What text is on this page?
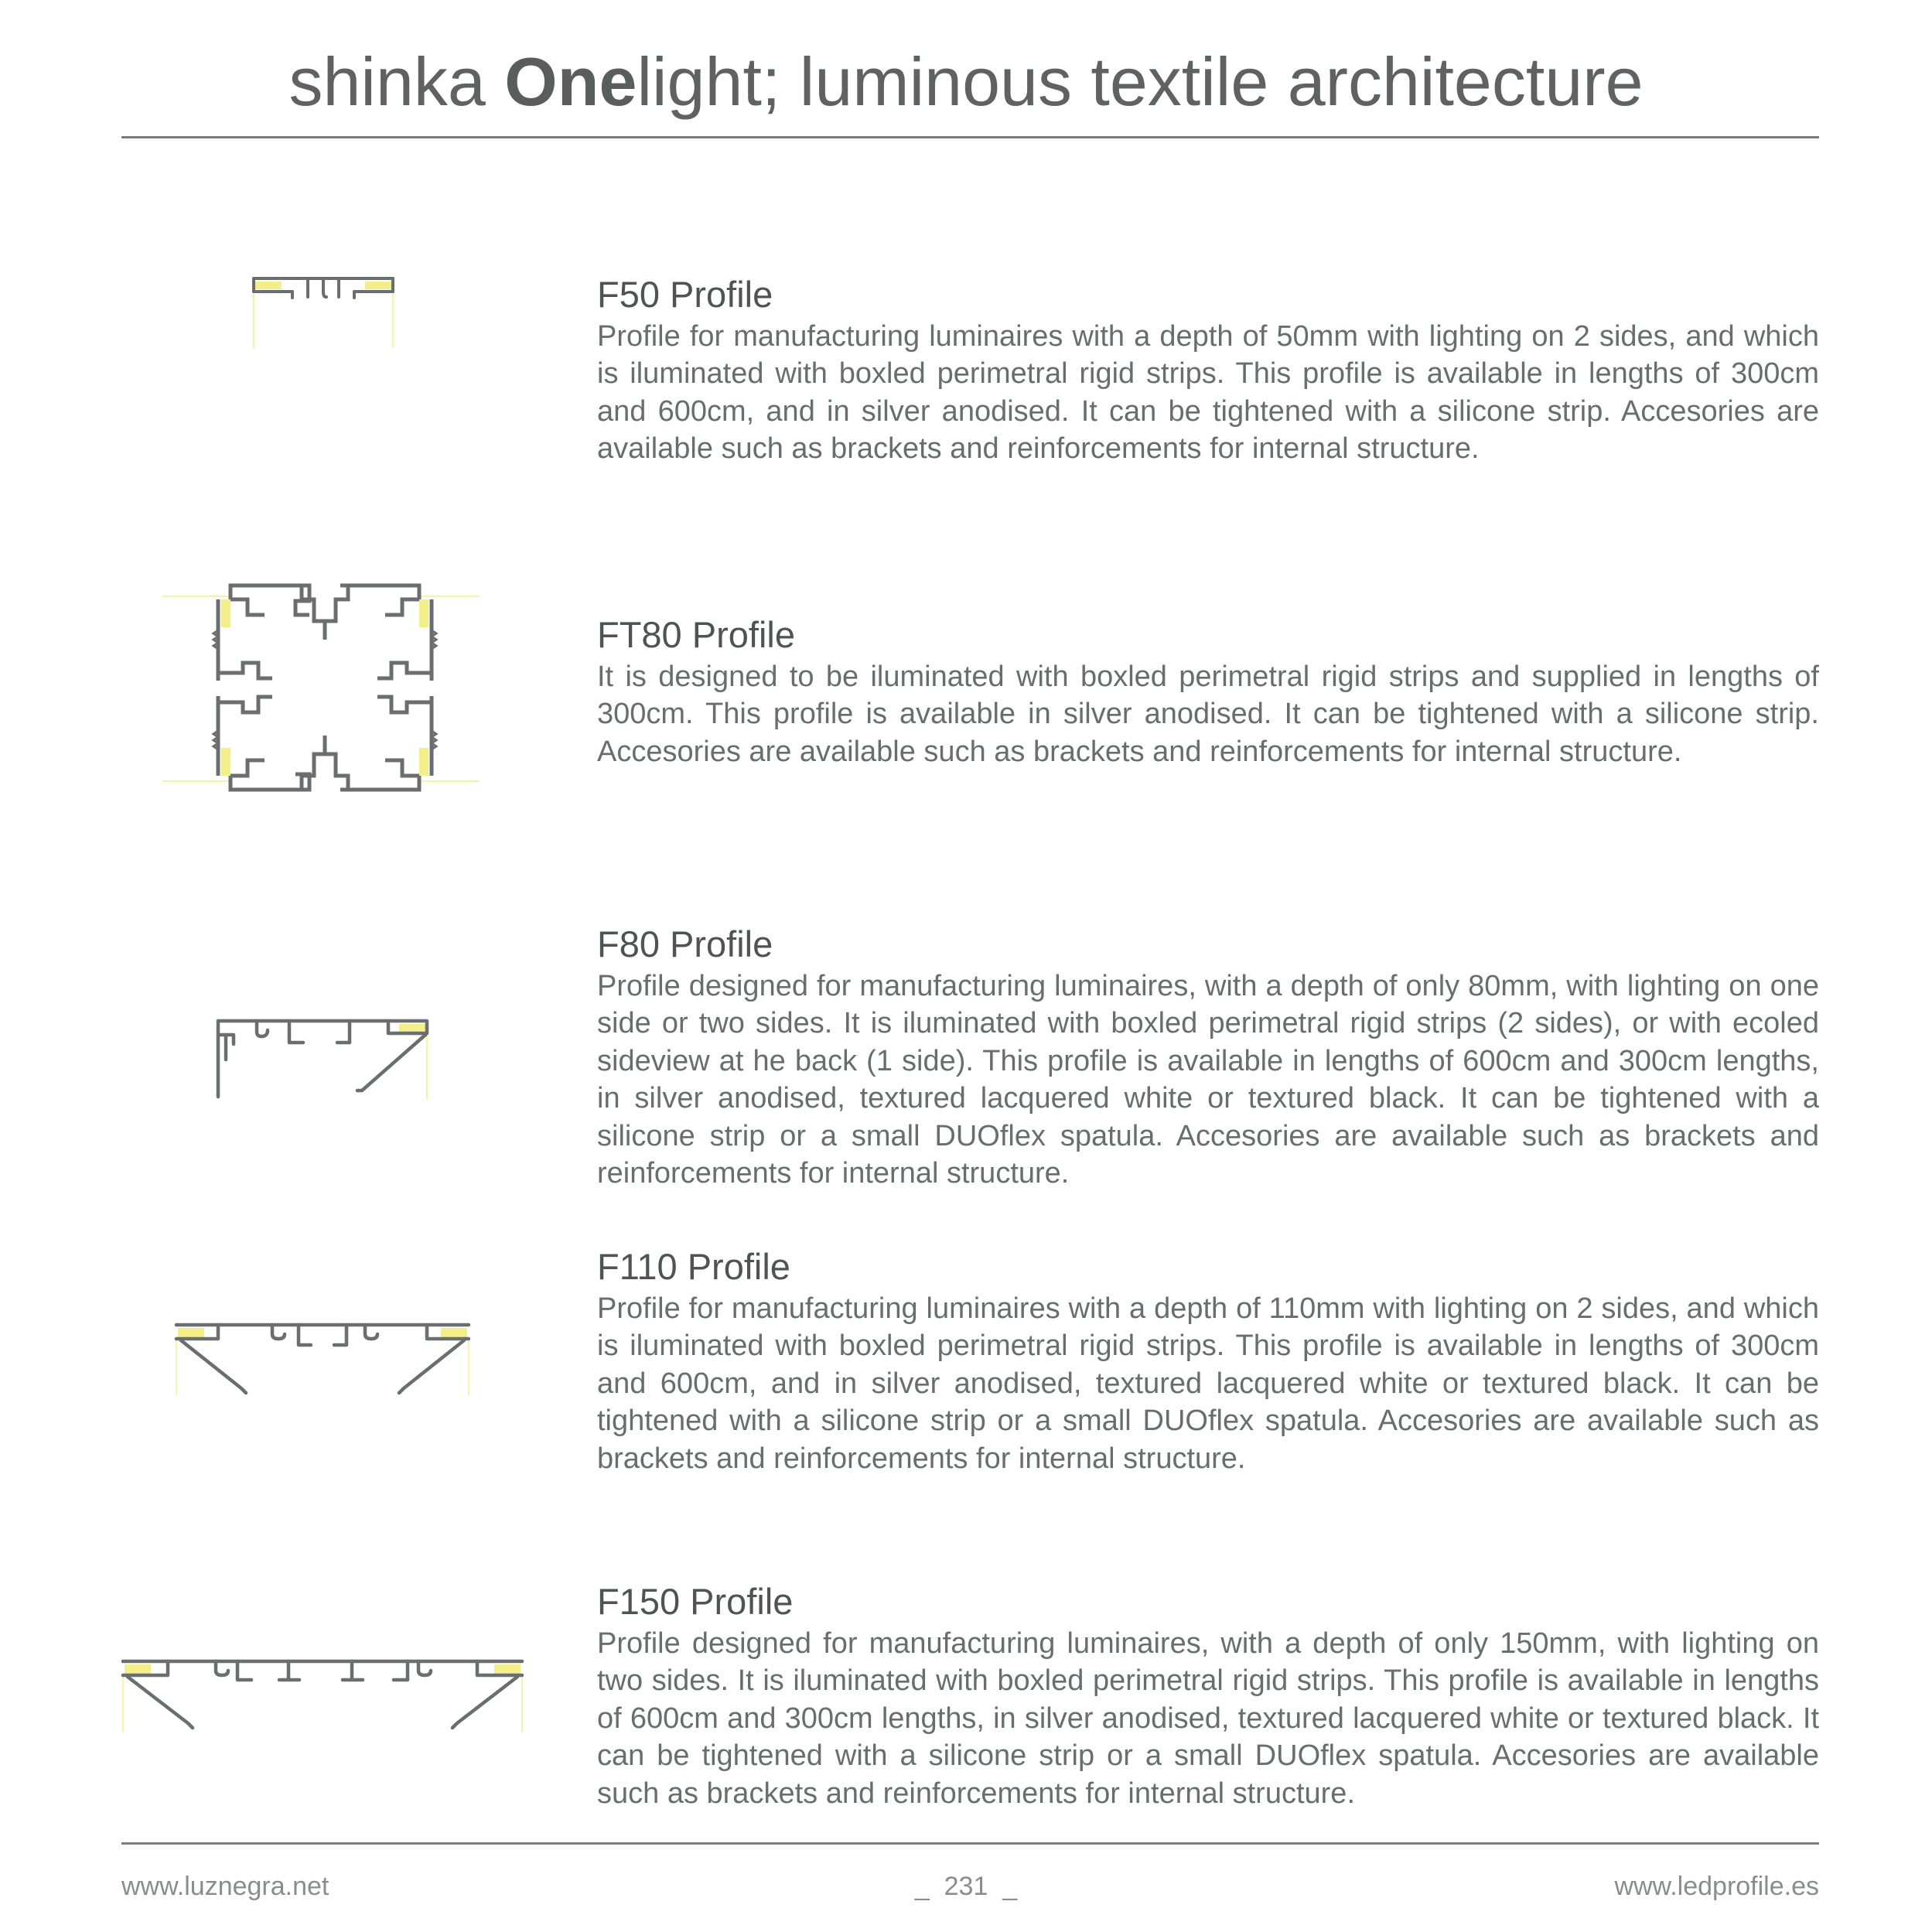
shinka Onelight; luminous textile architecture
F50 Profile

Profile for manufacturing luminaires with a depth of 50mm with lighting on 2 sides, and which is iluminated with boxled perimetral rigid strips. This profile is available in lengths of 300cm and 600cm, and in silver anodised. It can be tightened with a silicone strip. Accesories are available such as brackets and reinforcements for internal structure.

FT80 Profile

It is designed to be iluminated with boxled perimetral rigid strips and supplied in lengths of 300cm. This profile is available in silver anodised. It can be tightened with a silicone strip. Accesories are available such as brackets and reinforcements for internal structure.

F80 Profile

Profile designed for manufacturing luminaires, with a depth of only 80mm, with lighting on one side or two sides. It is iluminated with boxled perimetral rigid strips (2 sides), or with ecoled sideview at he back (1 side). This profile is available in lengths of 600cm and 300cm lengths, in silver anodised, textured lacquered white or textured black. It can be tightened with a silicone strip or a small DUOflex spatula. Accesories are available such as brackets and reinforcements for internal structure.

F110 Profile

Profile for manufacturing luminaires with a depth of 110mm with lighting on 2 sides, and which is iluminated with boxled perimetral rigid strips. This profile is available in lengths of 300cm and 600cm, and in silver anodised, textured lacquered white or textured black. It can be tightened with a silicone strip or a small DUOflex spatula. Accesories are available such as brackets and reinforcements for internal structure.

F150 Profile

Profile designed for manufacturing luminaires, with a depth of only 150mm, with lighting on two sides. It is iluminated with boxled perimetral rigid strips. This profile is available in lengths of 600cm and 300cm lengths, in silver anodised, textured lacquered white or textured black. It can be tightened with a silicone strip or a small DUOflex spatula. Accesories are available such as brackets and reinforcements for internal structure.

www.luznegra.net	_  231  _	www.ledprofile.es
